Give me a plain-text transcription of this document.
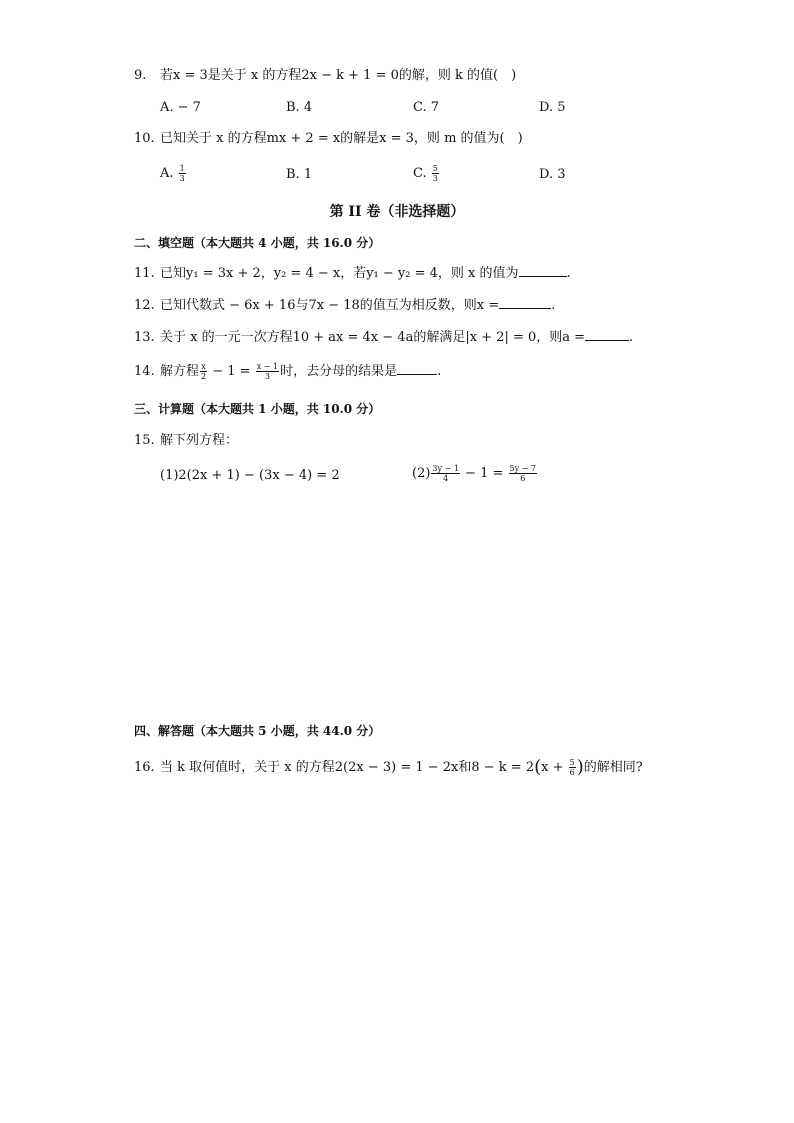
9. 若x = 3是关于 x 的方程2x − k + 1 = 0的解，则 k 的值(　)
A. − 7	B. 4	C. 7	D. 5
10. 已知关于 x 的方程mx + 2 = x的解是x = 3，则 m 的值为(　)
A. $\frac{1}{3}$	B. 1	C. $\frac{5}{3}$	D. 3
第 II 卷（非选择题）
二、填空题（本大题共 4 小题，共 16.0 分）
11. 已知y₁ = 3x + 2，y₂ = 4 − x，若y₁ − y₂ = 4，则 x 的值为	.
12. 已知代数式 − 6x + 16与7x − 18的值互为相反数，则x =	.
13. 关于 x 的一元一次方程10 + ax = 4x − 4a的解满足|x + 2| = 0，则a =	.
14. 解方程 $\frac{x}{2} - 1 = \frac{x - 1}{3}$ 时，去分母的结果是	.
三、计算题（本大题共 1 小题，共 10.0 分）
15. 解下列方程：
(1)2(2x + 1) − (3x − 4) = 2	$(2) \frac{3y - 1}{4} - 1 = \frac{5y - 7}{6}$
四、解答题（本大题共 5 小题，共 44.0 分）
16. 当 k 取何值时，关于 x 的方程2(2x − 3) = 1 − 2x和$8 - k = 2(x + \frac{5}{6}$ )的解相同?
